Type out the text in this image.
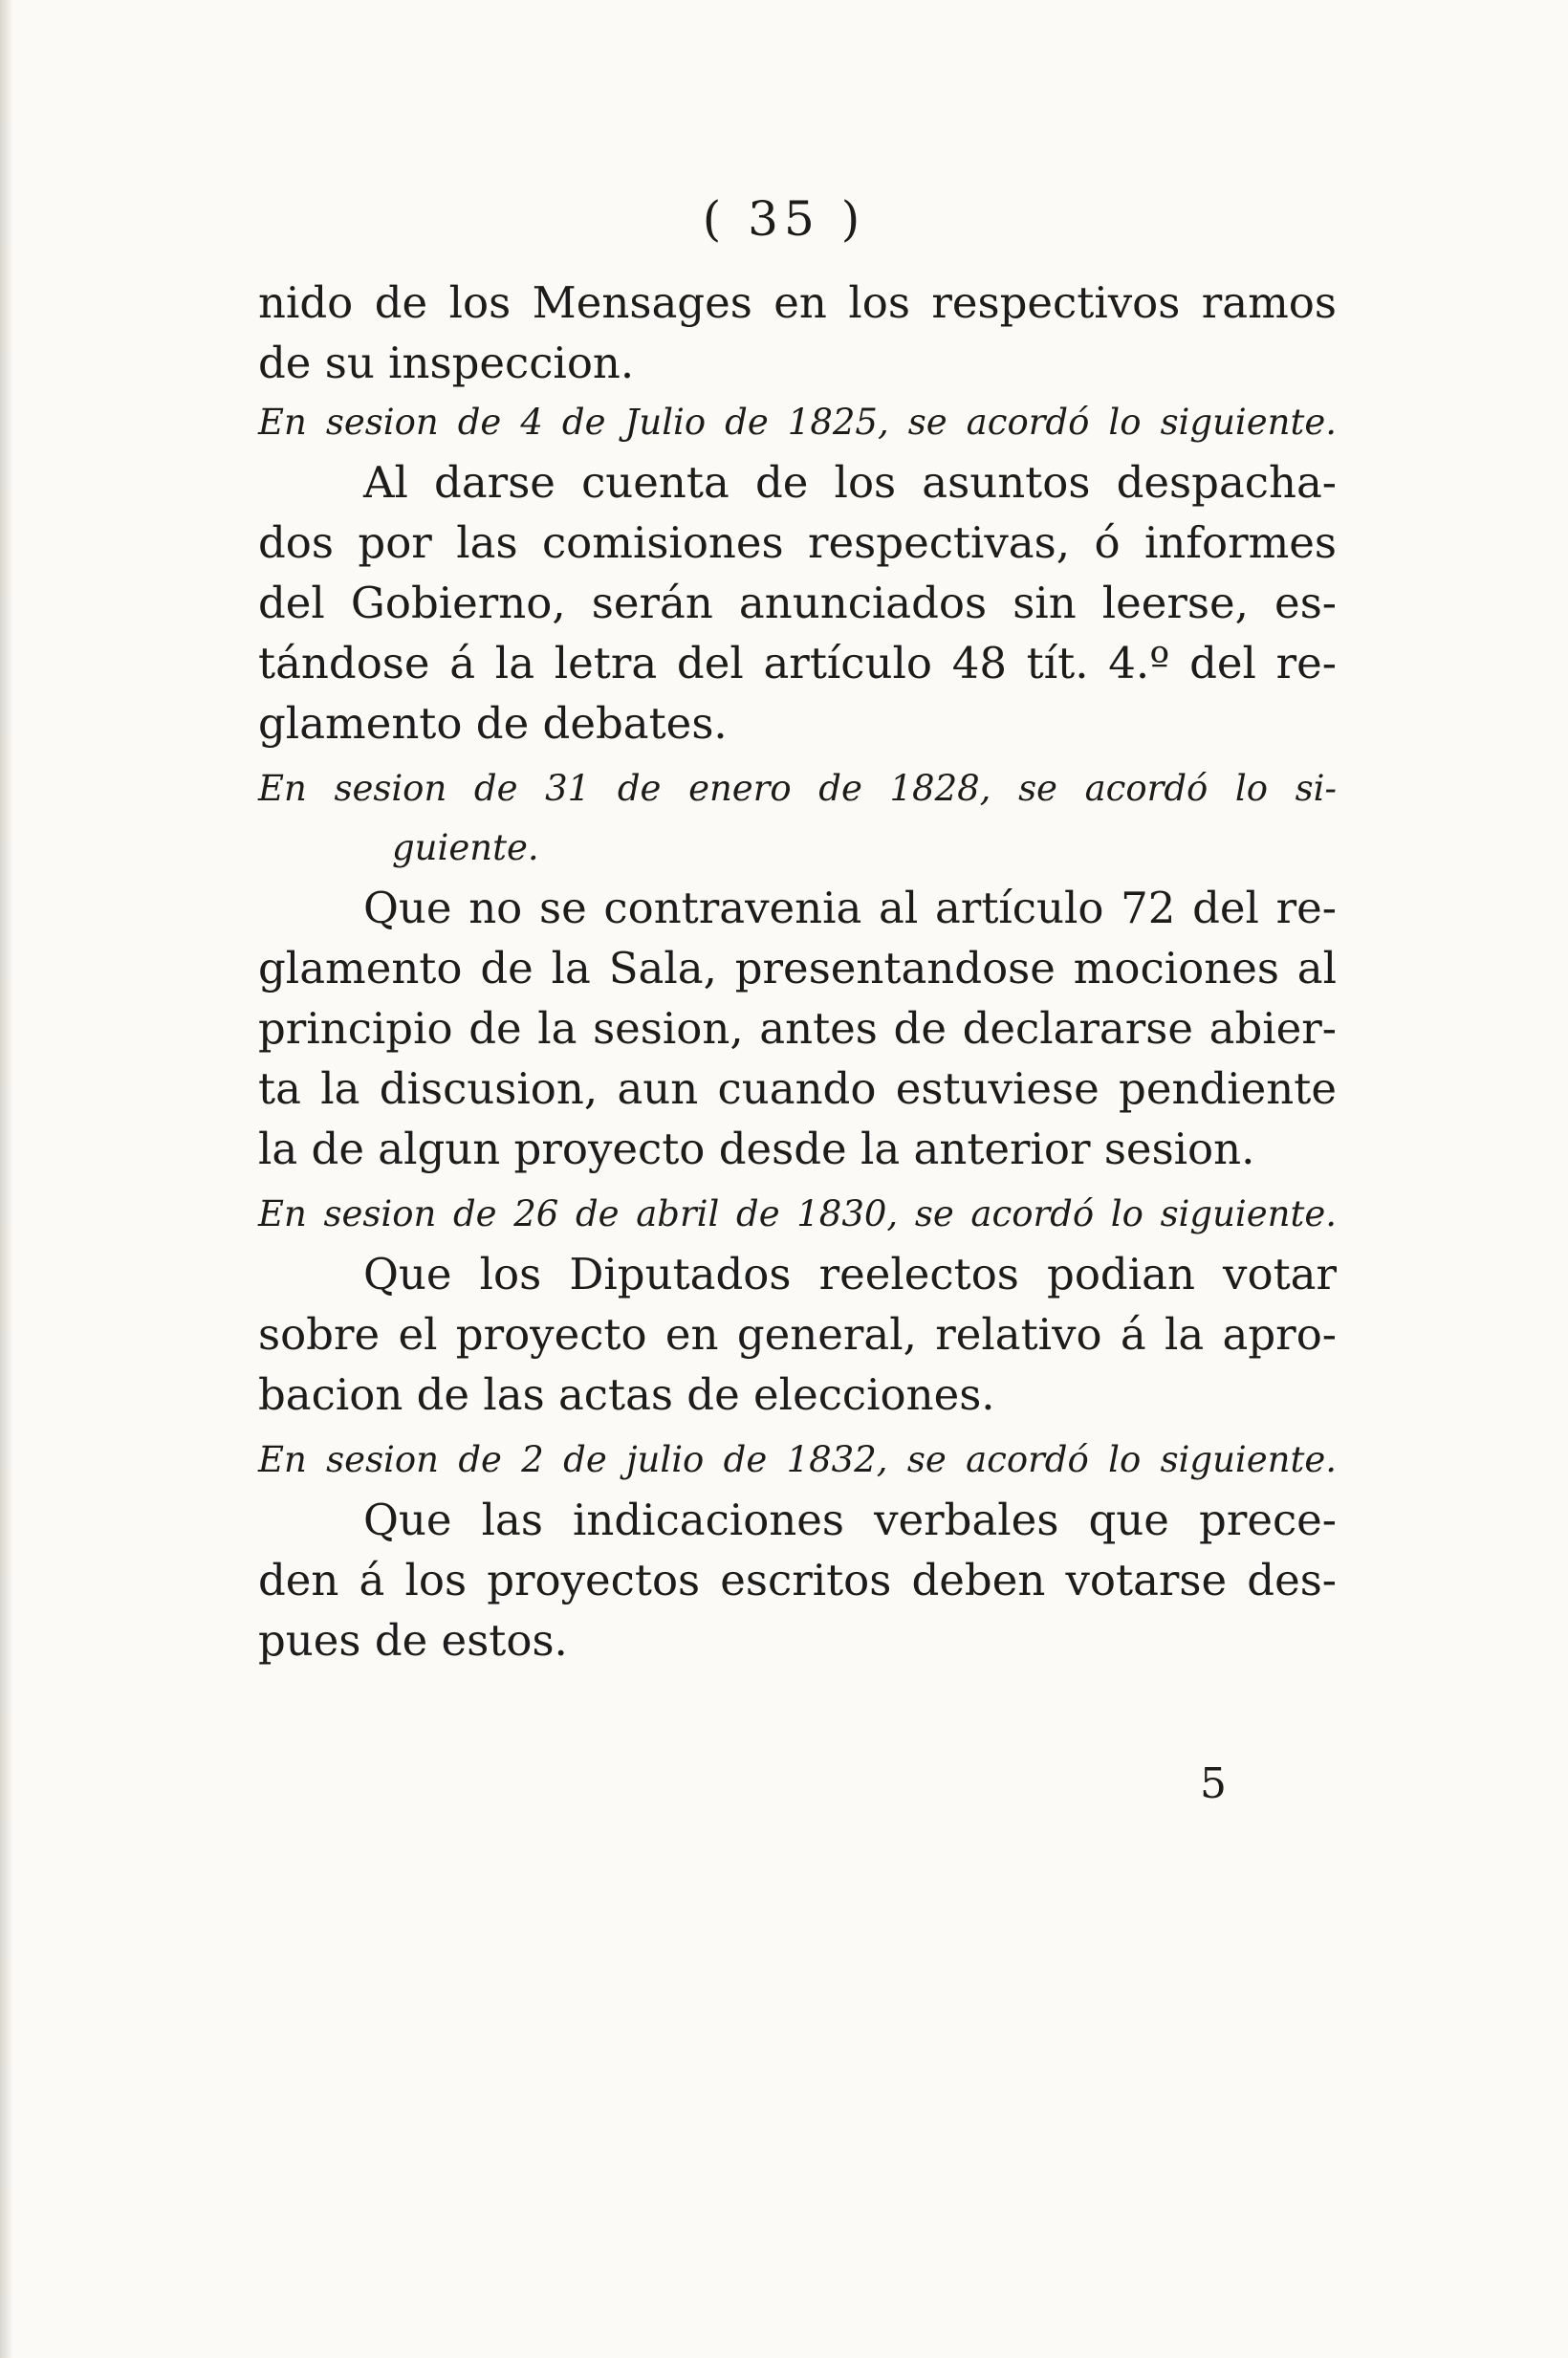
( 35 )

nido de los Mensages en los respectivos ramos
de su inspeccion.
En sesion de 4 de Julio de 1825, se acordó lo siguiente.
Al darse cuenta de los asuntos despacha-
dos por las comisiones respectivas, ó informes
del Gobierno, serán anunciados sin leerse, es-
tándose á la letra del artículo 48 tít. 4.º del re-
glamento de debates.
En sesion de 31 de enero de 1828, se acordó lo si-
guiente.
Que no se contravenia al artículo 72 del re-
glamento de la Sala, presentandose mociones al
principio de la sesion, antes de declararse abier-
ta la discusion, aun cuando estuviese pendiente
la de algun proyecto desde la anterior sesion.
En sesion de 26 de abril de 1830, se acordó lo siguiente.
Que los Diputados reelectos podian votar
sobre el proyecto en general, relativo á la apro-
bacion de las actas de elecciones.
En sesion de 2 de julio de 1832, se acordó lo siguiente.
Que las indicaciones verbales que prece-
den á los proyectos escritos deben votarse des-
pues de estos.

5
